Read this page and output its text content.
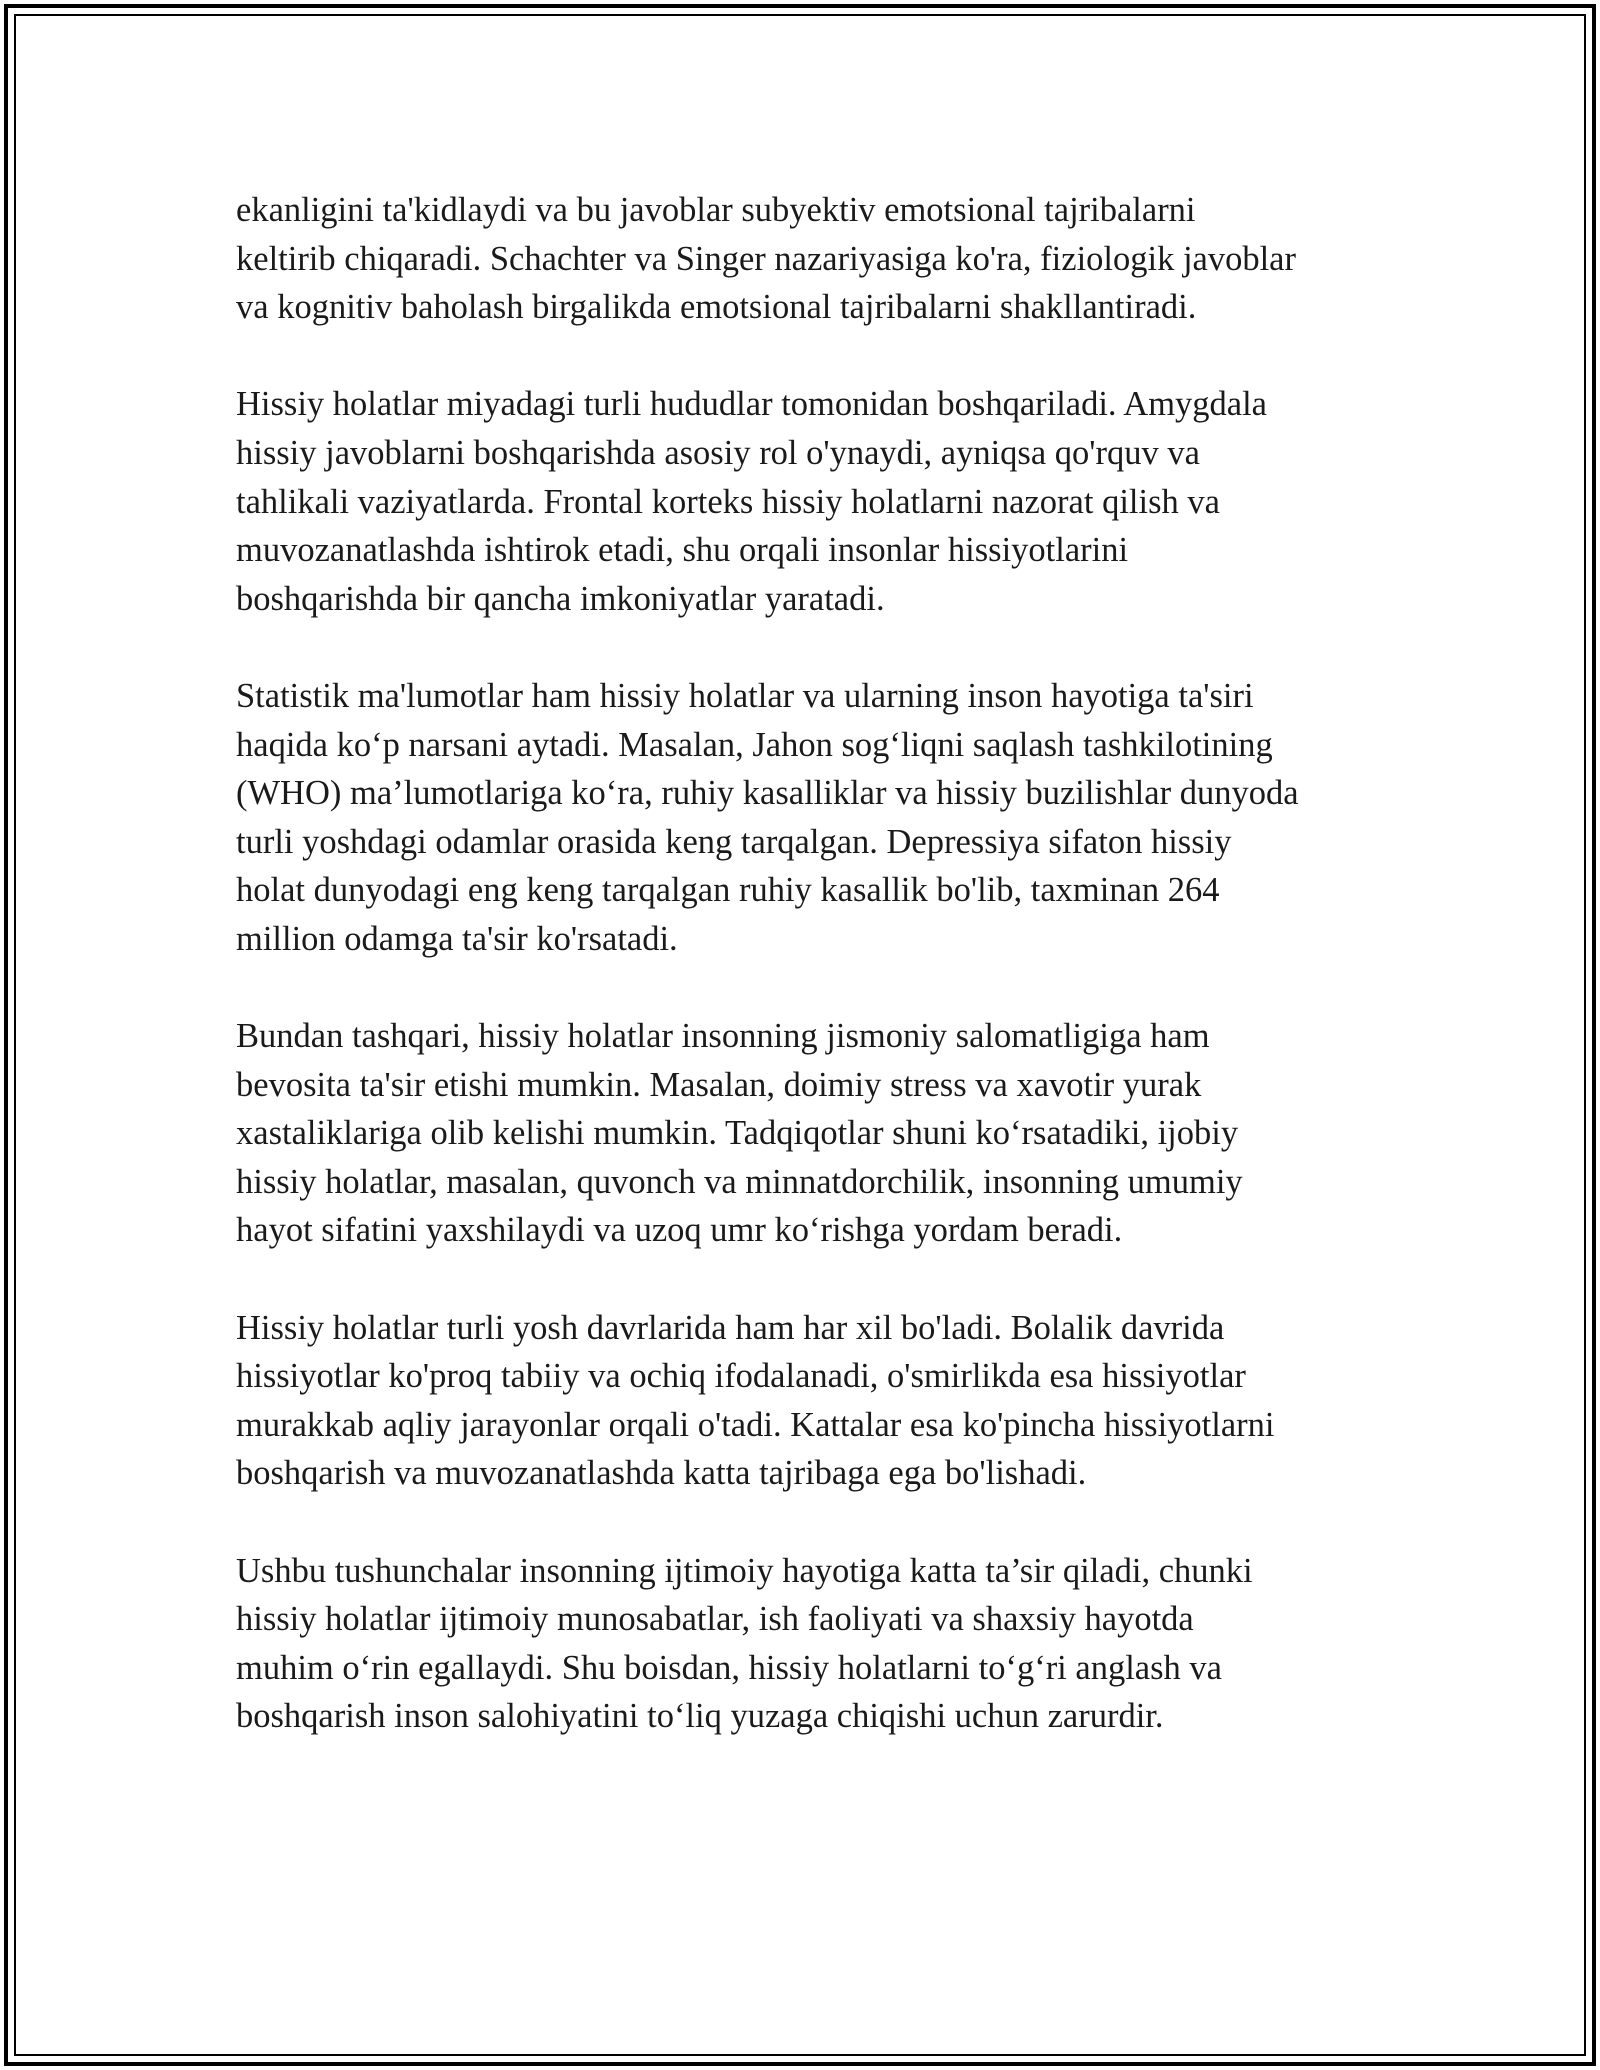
ekanligini ta'kidlaydi va bu javoblar subyektiv emotsional tajribalarni
keltirib chiqaradi. Schachter va Singer nazariyasiga ko'ra, fiziologik javoblar
va kognitiv baholash birgalikda emotsional tajribalarni shakllantiradi.

Hissiy holatlar miyadagi turli hududlar tomonidan boshqariladi. Amygdala
hissiy javoblarni boshqarishda asosiy rol o'ynaydi, ayniqsa qo'rquv va
tahlikali vaziyatlarda. Frontal korteks hissiy holatlarni nazorat qilish va
muvozanatlashda ishtirok etadi, shu orqali insonlar hissiyotlarini
boshqarishda bir qancha imkoniyatlar yaratadi.

Statistik ma'lumotlar ham hissiy holatlar va ularning inson hayotiga ta'siri
haqida ko‘p narsani aytadi. Masalan, Jahon sog‘liqni saqlash tashkilotining
(WHO) ma’lumotlariga ko‘ra, ruhiy kasalliklar va hissiy buzilishlar dunyoda
turli yoshdagi odamlar orasida keng tarqalgan. Depressiya sifaton hissiy
holat dunyodagi eng keng tarqalgan ruhiy kasallik bo'lib, taxminan 264
million odamga ta'sir ko'rsatadi.

Bundan tashqari, hissiy holatlar insonning jismoniy salomatligiga ham
bevosita ta'sir etishi mumkin. Masalan, doimiy stress va xavotir yurak
xastaliklariga olib kelishi mumkin. Tadqiqotlar shuni ko‘rsatadiki, ijobiy
hissiy holatlar, masalan, quvonch va minnatdorchilik, insonning umumiy
hayot sifatini yaxshilaydi va uzoq umr ko‘rishga yordam beradi.

Hissiy holatlar turli yosh davrlarida ham har xil bo'ladi. Bolalik davrida
hissiyotlar ko'proq tabiiy va ochiq ifodalanadi, o'smirlikda esa hissiyotlar
murakkab aqliy jarayonlar orqali o'tadi. Kattalar esa ko'pincha hissiyotlarni
boshqarish va muvozanatlashda katta tajribaga ega bo'lishadi.

Ushbu tushunchalar insonning ijtimoiy hayotiga katta ta’sir qiladi, chunki
hissiy holatlar ijtimoiy munosabatlar, ish faoliyati va shaxsiy hayotda
muhim o‘rin egallaydi. Shu boisdan, hissiy holatlarni to‘g‘ri anglash va
boshqarish inson salohiyatini to‘liq yuzaga chiqishi uchun zarurdir.
